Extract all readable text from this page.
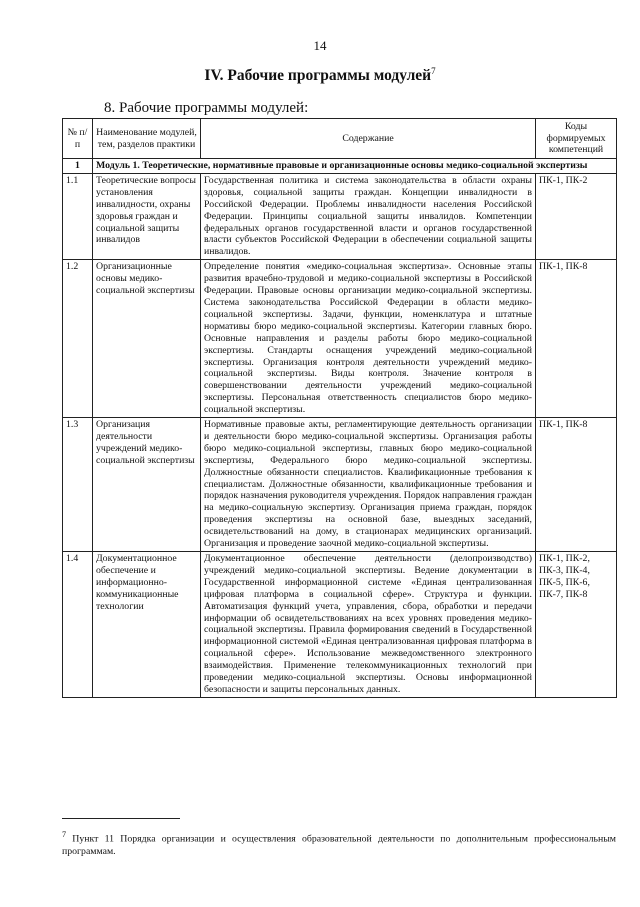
14
IV. Рабочие программы модулей$^7$
8. Рабочие программы модулей:
№ п/п	Наименование модулей, тем, разделов практики	Содержание	Коды формируемых компетенций
1	Модуль 1. Теоретические, нормативные правовые и организационные основы медико-социальной экспертизы		
1.1	Теоретические вопросы установления инвалидности, охраны здоровья граждан и социальной защиты инвалидов	Государственная политика и система законодательства в области охраны здоровья, социальной защиты граждан. Концепции инвалидности в Российской Федерации. Проблемы инвалидности населения Российской Федерации. Принципы социальной защиты инвалидов. Компетенции федеральных органов государственной власти и органов государственной власти субъектов Российской Федерации в обеспечении социальной защиты инвалидов.	ПК-1, ПК-2
1.2	Организационные основы медико-социальной экспертизы	Определение понятия «медико-социальная экспертиза». Основные этапы развития врачебно-трудовой и медико-социальной экспертизы в Российской Федерации. Правовые основы организации медико-социальной экспертизы. Система законодательства Российской Федерации в области медико-социальной экспертизы. Задачи, функции, номенклатура и штатные нормативы бюро медико-социальной экспертизы. Категории главных бюро. Основные направления и разделы работы бюро медико-социальной экспертизы. Стандарты оснащения учреждений медико-социальной экспертизы. Организация контроля деятельности учреждений медико-социальной экспертизы. Виды контроля. Значение контроля в совершенствовании деятельности учреждений медико-социальной экспертизы. Персональная ответственность специалистов бюро медико-социальной экспертизы.	ПК-1, ПК-8
1.3	Организация деятельности учреждений медико-социальной экспертизы	Нормативные правовые акты, регламентирующие деятельность организации и деятельности бюро медико-социальной экспертизы. Организация работы бюро медико-социальной экспертизы, главных бюро медико-социальной экспертизы, Федерального бюро медико-социальной экспертизы. Должностные обязанности специалистов. Квалификационные требования к специалистам. Должностные обязанности, квалификационные требования и порядок назначения руководителя учреждения. Порядок направления граждан на медико-социальную экспертизу. Организация приема граждан, порядок проведения экспертизы на основной базе, выездных заседаний, освидетельствований на дому, в стационарах медицинских организаций. Организация и проведение заочной медико-социальной экспертизы.	ПК-1, ПК-8
1.4	Документационное обеспечение и информационно-коммуникационные технологии	Документационное обеспечение деятельности (делопроизводство) учреждений медико-социальной экспертизы. Ведение документации в Государственной информационной системе «Единая централизованная цифровая платформа в социальной сфере». Структура и функции. Автоматизация функций учета, управления, сбора, обработки и передачи информации об освидетельствованиях на всех уровнях проведения медико-социальной экспертизы. Правила формирования сведений в Государственной информационной системой «Единая централизованная цифровая платформа в социальной сфере». Использование межведомственного электронного взаимодействия. Применение телекоммуникационных технологий при проведении медико-социальной экспертизы. Основы информационной безопасности и защиты персональных данных.	ПК-1, ПК-2, ПК-3, ПК-4, ПК-5, ПК-6, ПК-7, ПК-8
$^7$ Пункт 11 Порядка организации и осуществления образовательной деятельности по дополнительным профессиональным программам.
